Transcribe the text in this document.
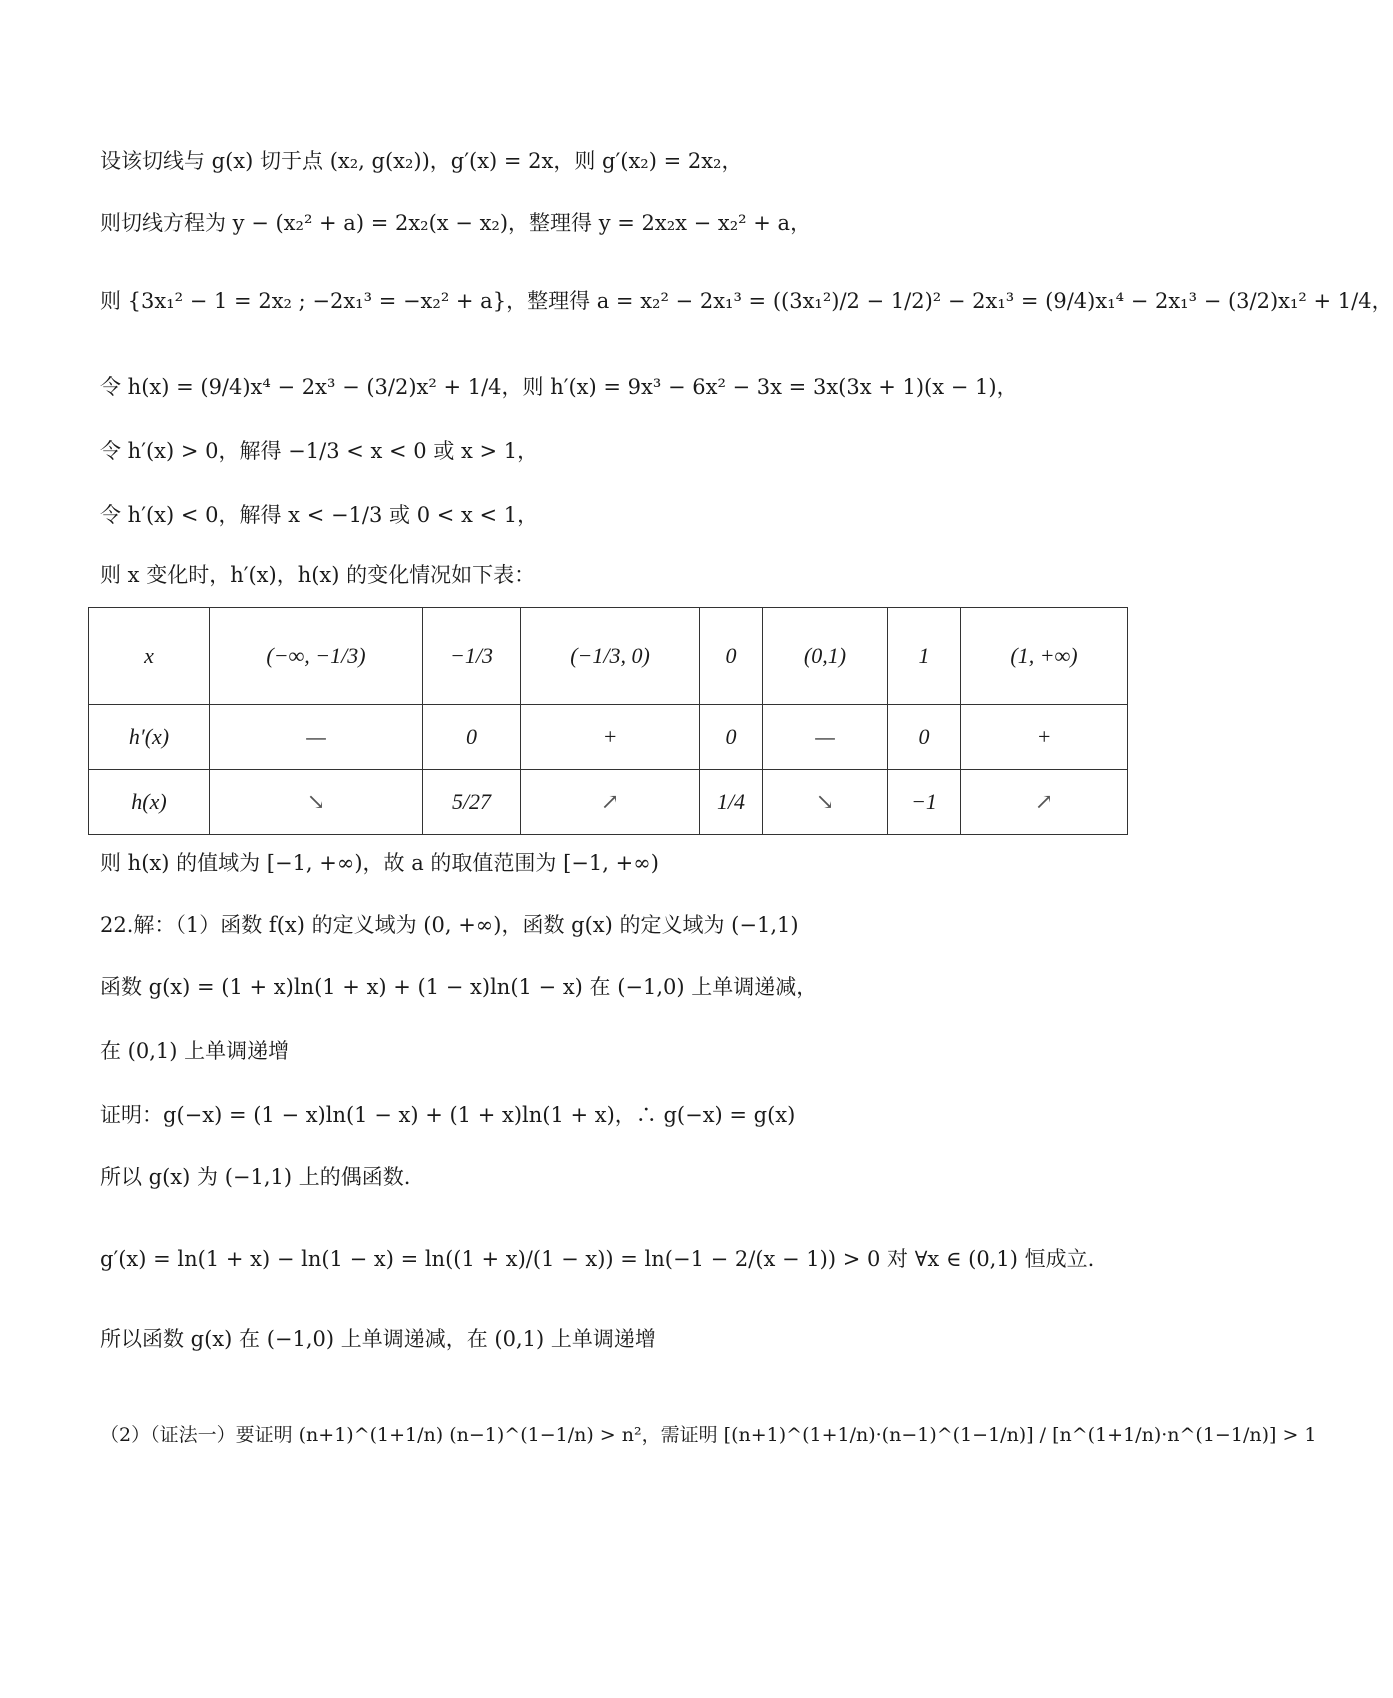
设该切线与 g(x) 切于点 (x₂, g(x₂))，g′(x) = 2x，则 g′(x₂) = 2x₂，
则切线方程为 y − (x₂² + a) = 2x₂(x − x₂)，整理得 y = 2x₂x − x₂² + a，
则 {3x₁² − 1 = 2x₂ ; −2x₁³ = −x₂² + a}，整理得 a = x₂² − 2x₁³ = ((3x₁²)/2 − 1/2)² − 2x₁³ = (9/4)x₁⁴ − 2x₁³ − (3/2)x₁² + 1/4，
令 h(x) = (9/4)x⁴ − 2x³ − (3/2)x² + 1/4，则 h′(x) = 9x³ − 6x² − 3x = 3x(3x + 1)(x − 1)，
令 h′(x) > 0，解得 −1/3 < x < 0 或 x > 1，
令 h′(x) < 0，解得 x < −1/3 或 0 < x < 1，
则 x 变化时，h′(x)，h(x) 的变化情况如下表：
x	(−∞, −1/3)	−1/3	(−1/3, 0)	0	(0,1)	1	(1, +∞)
h′(x)	—	0	+	0	—	0	+
h(x)	↘	5/27	↗	1/4	↘	−1	↗
则 h(x) 的值域为 [−1, +∞)，故 a 的取值范围为 [−1, +∞)
22.解：（1）函数 f(x) 的定义域为 (0, +∞)，函数 g(x) 的定义域为 (−1,1)
函数 g(x) = (1 + x)ln(1 + x) + (1 − x)ln(1 − x) 在 (−1,0) 上单调递减，
在 (0,1) 上单调递增
证明：g(−x) = (1 − x)ln(1 − x) + (1 + x)ln(1 + x)，∴ g(−x) = g(x)
所以 g(x) 为 (−1,1) 上的偶函数.
g′(x) = ln(1 + x) − ln(1 − x) = ln((1 + x)/(1 − x)) = ln(−1 − 2/(x − 1)) > 0 对 ∀x ∈ (0,1) 恒成立.
所以函数 g(x) 在 (−1,0) 上单调递减，在 (0,1) 上单调递增
（2）（证法一）要证明 (n+1)^(1+1/n) (n−1)^(1−1/n) > n²，需证明 [(n+1)^(1+1/n)·(n−1)^(1−1/n)] / [n^(1+1/n)·n^(1−1/n)] > 1
